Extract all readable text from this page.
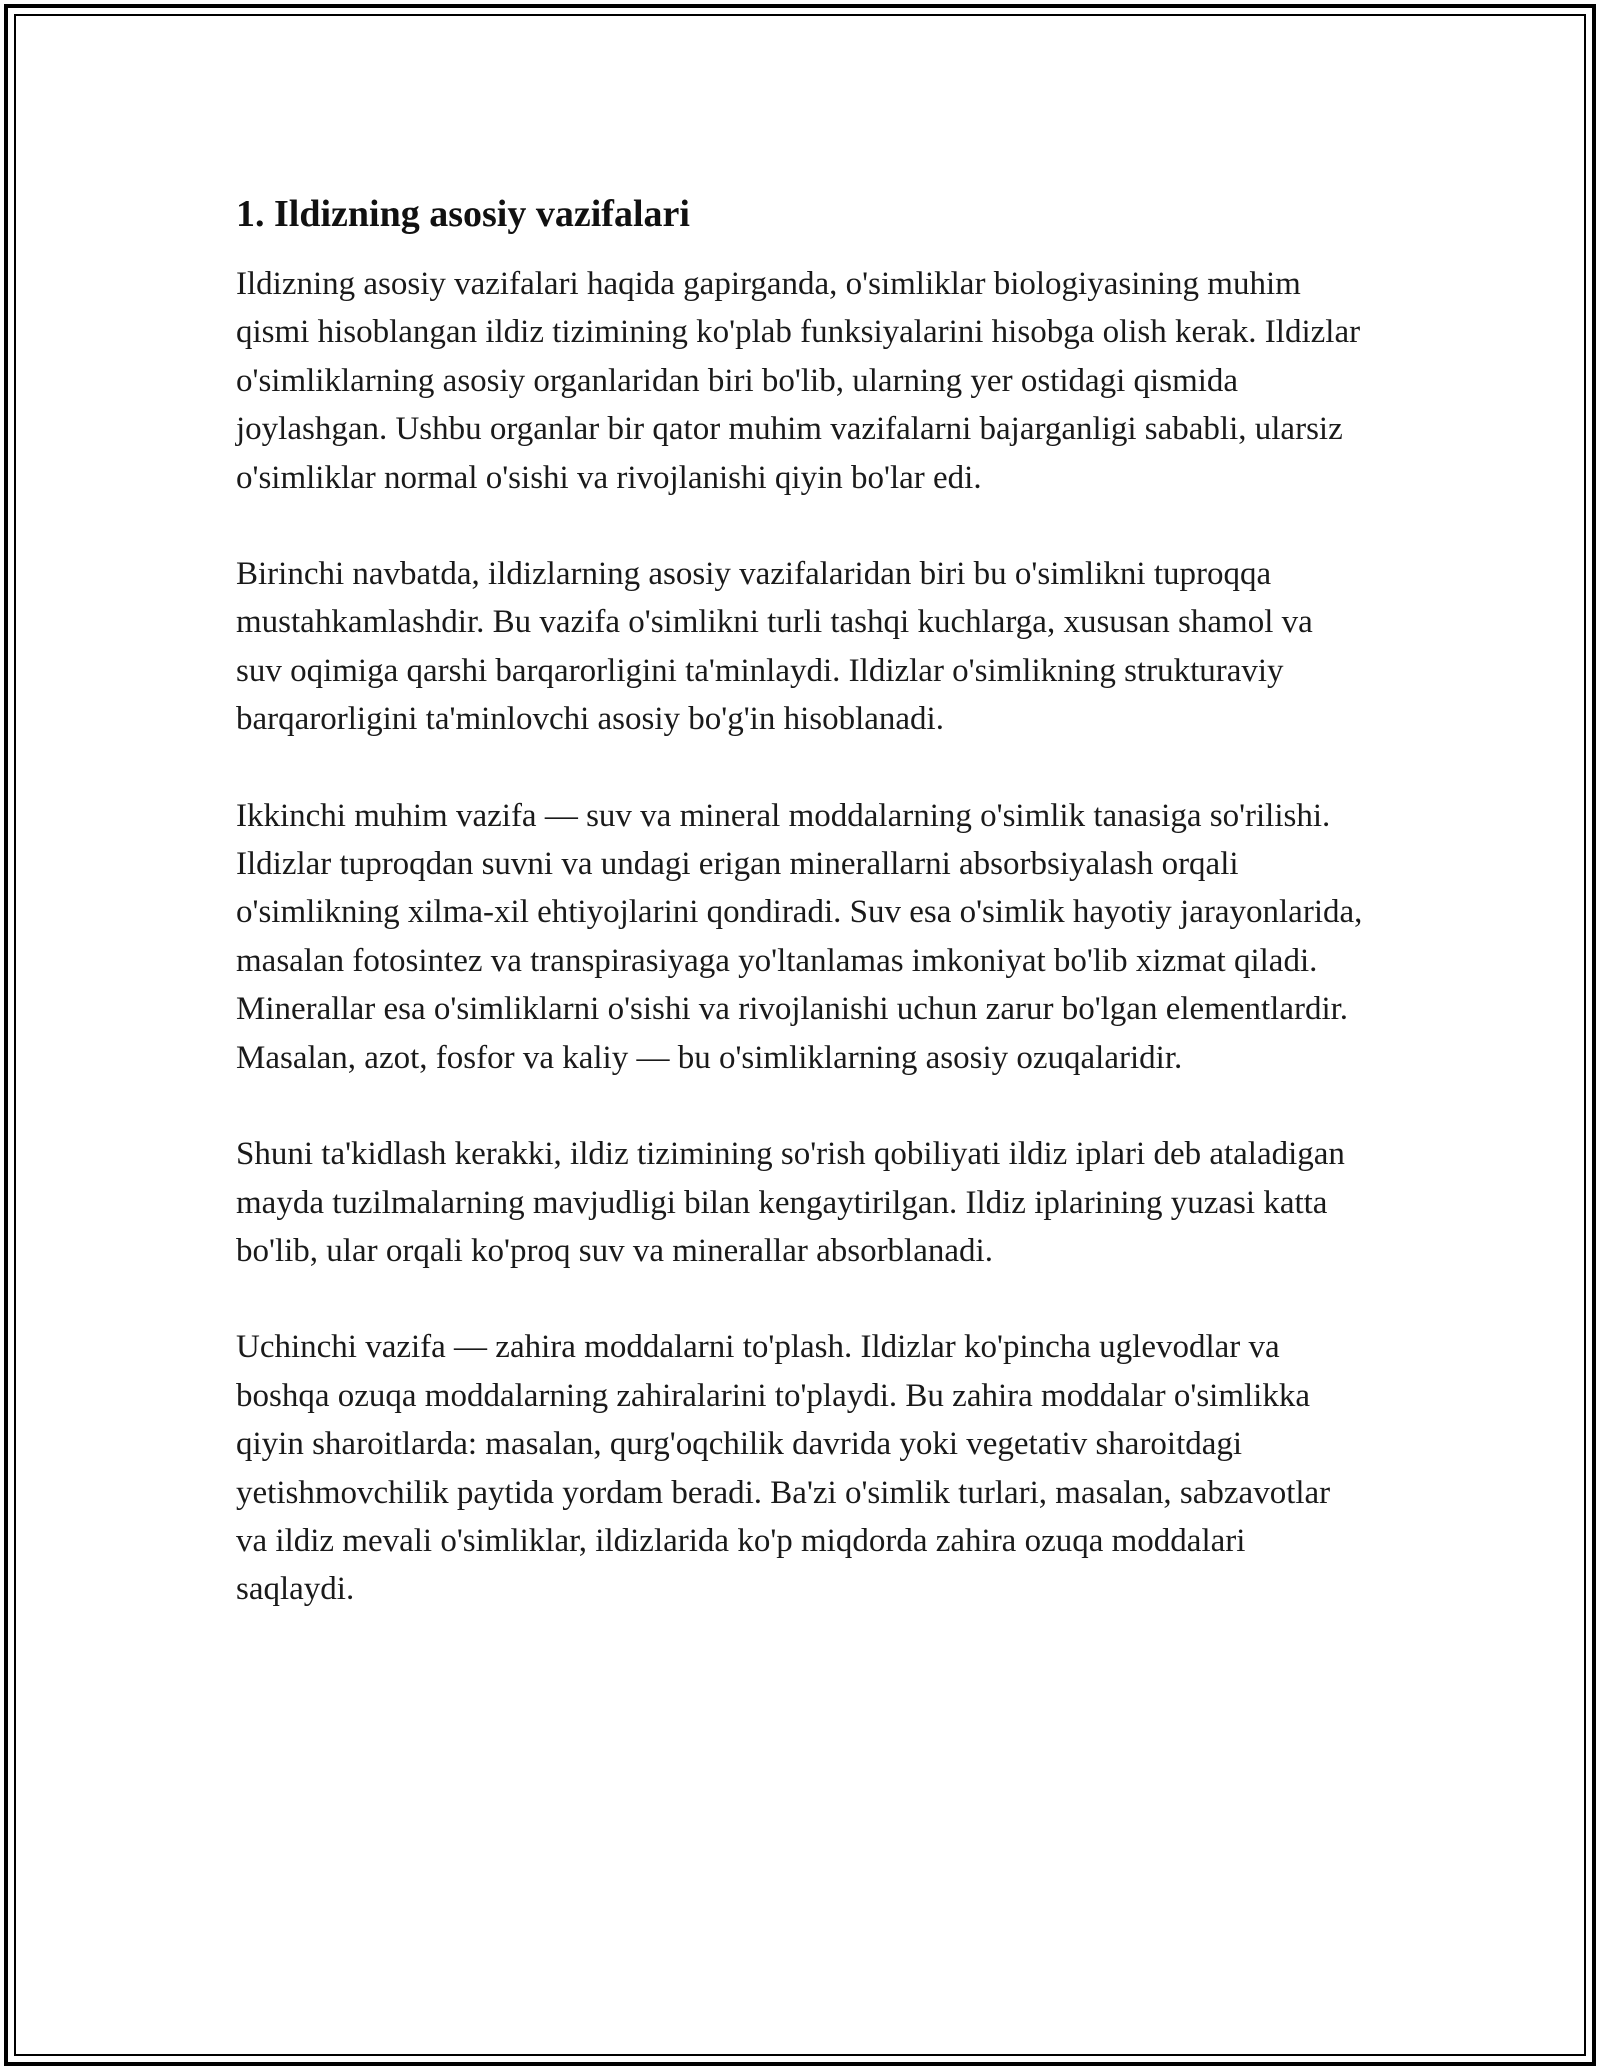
1. Ildizning asosiy vazifalari

Ildizning asosiy vazifalari haqida gapirganda, o'simliklar biologiyasining muhim qismi hisoblangan ildiz tizimining ko'plab funksiyalarini hisobga olish kerak. Ildizlar o'simliklarning asosiy organlaridan biri bo'lib, ularning yer ostidagi qismida joylashgan. Ushbu organlar bir qator muhim vazifalarni bajarganligi sababli, ularsiz o'simliklar normal o'sishi va rivojlanishi qiyin bo'lar edi.

Birinchi navbatda, ildizlarning asosiy vazifalaridan biri bu o'simlikni tuproqqa mustahkamlashdir. Bu vazifa o'simlikni turli tashqi kuchlarga, xususan shamol va suv oqimiga qarshi barqarorligini ta'minlaydi. Ildizlar o'simlikning strukturaviy barqarorligini ta'minlovchi asosiy bo'g'in hisoblanadi.

Ikkinchi muhim vazifa — suv va mineral moddalarning o'simlik tanasiga so'rilishi. Ildizlar tuproqdan suvni va undagi erigan minerallarni absorbsiyalash orqali o'simlikning xilma-xil ehtiyojlarini qondiradi. Suv esa o'simlik hayotiy jarayonlarida, masalan fotosintez va transpirasiyaga yo'ltanlamas imkoniyat bo'lib xizmat qiladi. Minerallar esa o'simliklarni o'sishi va rivojlanishi uchun zarur bo'lgan elementlardir. Masalan, azot, fosfor va kaliy — bu o'simliklarning asosiy ozuqalaridir.

Shuni ta'kidlash kerakki, ildiz tizimining so'rish qobiliyati ildiz iplari deb ataladigan mayda tuzilmalarning mavjudligi bilan kengaytirilgan. Ildiz iplarining yuzasi katta bo'lib, ular orqali ko'proq suv va minerallar absorblanadi.

Uchinchi vazifa — zahira moddalarni to'plash. Ildizlar ko'pincha uglevodlar va boshqa ozuqa moddalarning zahiralarini to'playdi. Bu zahira moddalar o'simlikka qiyin sharoitlarda: masalan, qurg'oqchilik davrida yoki vegetativ sharoitdagi yetishmovchilik paytida yordam beradi. Ba'zi o'simlik turlari, masalan, sabzavotlar va ildiz mevali o'simliklar, ildizlarida ko'p miqdorda zahira ozuqa moddalari saqlaydi.
